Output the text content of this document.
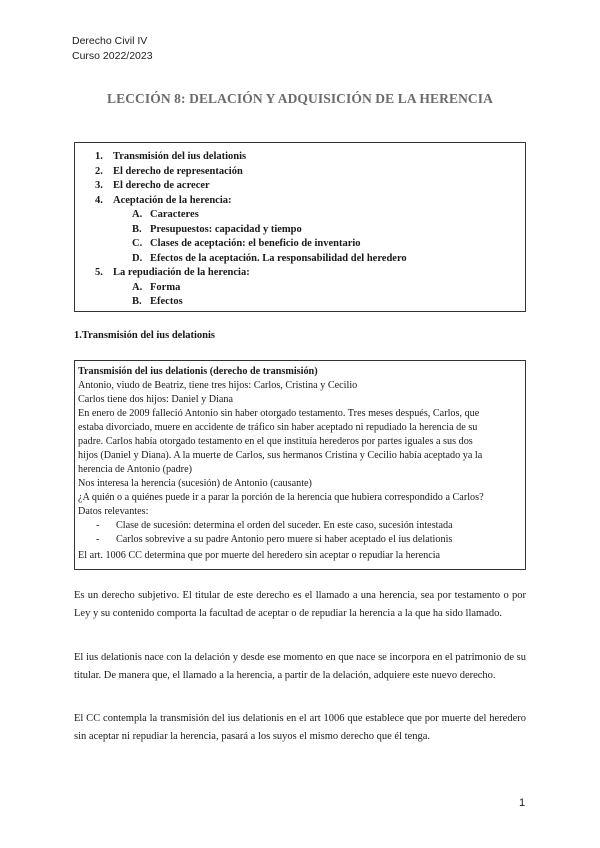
Derecho Civil IV
Curso 2022/2023
LECCIÓN 8: DELACIÓN Y ADQUISICIÓN DE LA HERENCIA
1. Transmisión del ius delationis
2. El derecho de representación
3. El derecho de acrecer
4. Aceptación de la herencia:
A. Caracteres
B. Presupuestos: capacidad y tiempo
C. Clases de aceptación: el beneficio de inventario
D. Efectos de la aceptación. La responsabilidad del heredero
5. La repudiación de la herencia:
A. Forma
B. Efectos
1.Transmisión del ius delationis
Transmisión del ius delationis (derecho de transmisión)
Antonio, viudo de Beatriz, tiene tres hijos: Carlos, Cristina y Cecilio
Carlos tiene dos hijos: Daniel y Diana
En enero de 2009 falleció Antonio sin haber otorgado testamento. Tres meses después, Carlos, que
estaba divorciado, muere en accidente de tráfico sin haber aceptado ni repudiado la herencia de su
padre. Carlos había otorgado testamento en el que instituía herederos por partes iguales a sus dos
hijos (Daniel y Diana). A la muerte de Carlos, sus hermanos Cristina y Cecilio había aceptado ya la
herencia de Antonio (padre)
Nos interesa la herencia (sucesión) de Antonio (causante)
¿A quién o a quiénes puede ir a parar la porción de la herencia que hubiera correspondido a Carlos?
Datos relevantes:
- Clase de sucesión: determina el orden del suceder. En este caso, sucesión intestada
- Carlos sobrevive a su padre Antonio pero muere si haber aceptado el ius delationis
El art. 1006 CC determina que por muerte del heredero sin aceptar o repudiar la herencia
Es un derecho subjetivo. El titular de este derecho es el llamado a una herencia, sea por testamento o por Ley y su contenido comporta la facultad de aceptar o de repudiar la herencia a la que ha sido llamado.
El ius delationis nace con la delación y desde ese momento en que nace se incorpora en el patrimonio de su titular. De manera que, el llamado a la herencia, a partir de la delación, adquiere este nuevo derecho.
El CC contempla la transmisión del ius delationis en el art 1006 que establece que por muerte del heredero sin aceptar ni repudiar la herencia, pasará a los suyos el mismo derecho que él tenga.
1
